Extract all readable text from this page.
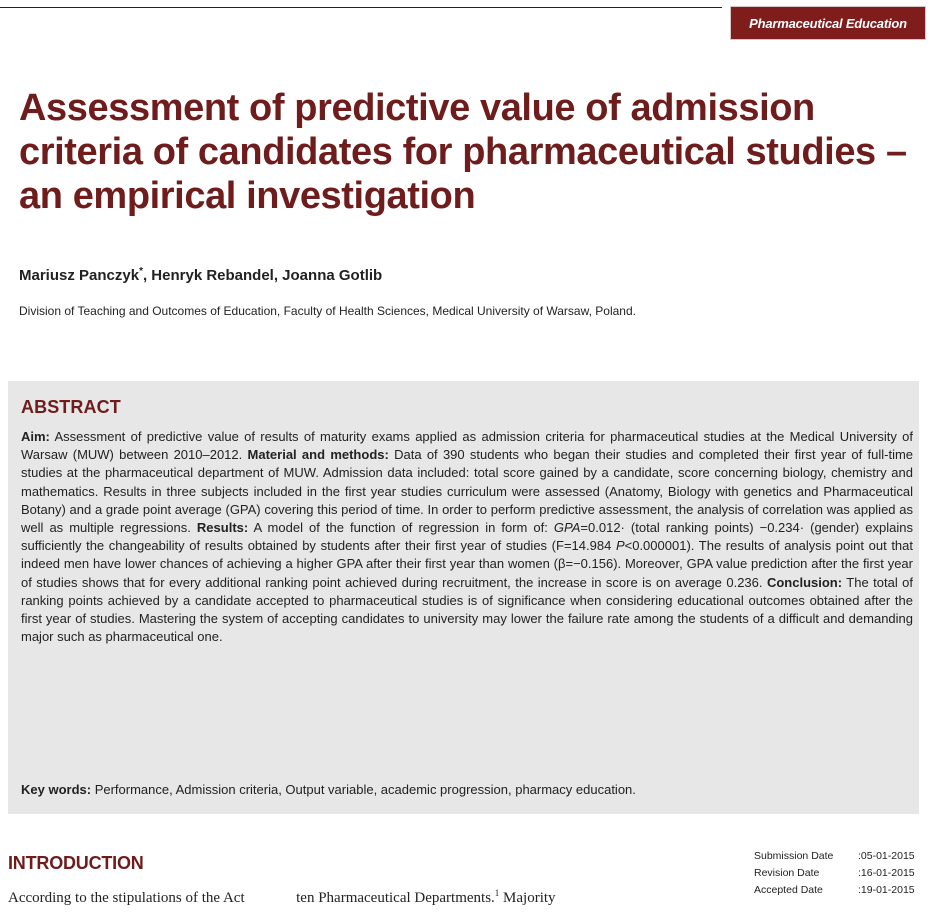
Pharmaceutical Education
Assessment of predictive value of admission criteria of candidates for pharmaceutical studies – an empirical investigation
Mariusz Panczyk*, Henryk Rebandel, Joanna Gotlib
Division of Teaching and Outcomes of Education, Faculty of Health Sciences, Medical University of Warsaw, Poland.
ABSTRACT
Aim: Assessment of predictive value of results of maturity exams applied as admission criteria for pharmaceutical studies at the Medical University of Warsaw (MUW) between 2010–2012. Material and methods: Data of 390 students who began their studies and completed their first year of full-time studies at the pharmaceutical department of MUW. Admission data included: total score gained by a candidate, score concerning biology, chemistry and mathematics. Results in three subjects included in the first year studies curriculum were assessed (Anatomy, Biology with genetics and Pharmaceutical Botany) and a grade point average (GPA) covering this period of time. In order to perform predictive assessment, the analysis of correlation was applied as well as multiple regressions. Results: A model of the function of regression in form of: GPA=0.012· (total ranking points) −0.234· (gender) explains sufficiently the changeability of results obtained by students after their first year of studies (F=14.984 P<0.000001). The results of analysis point out that indeed men have lower chances of achieving a higher GPA after their first year than women (β=−0.156). Moreover, GPA value prediction after the first year of studies shows that for every additional ranking point achieved during recruitment, the increase in score is on average 0.236. Conclusion: The total of ranking points achieved by a candidate accepted to pharmaceutical studies is of significance when considering educational outcomes obtained after the first year of studies. Mastering the system of accepting candidates to university may lower the failure rate among the students of a difficult and demanding major such as pharmaceutical one.
Key words: Performance, Admission criteria, Output variable, academic progression, pharmacy education.
INTRODUCTION	Submission Date	:05-01-2015
Revision Date	:16-01-2015
Accepted Date	:19-01-2015
According to the stipulations of the Act	ten Pharmaceutical Departments.$^1$ Majority
